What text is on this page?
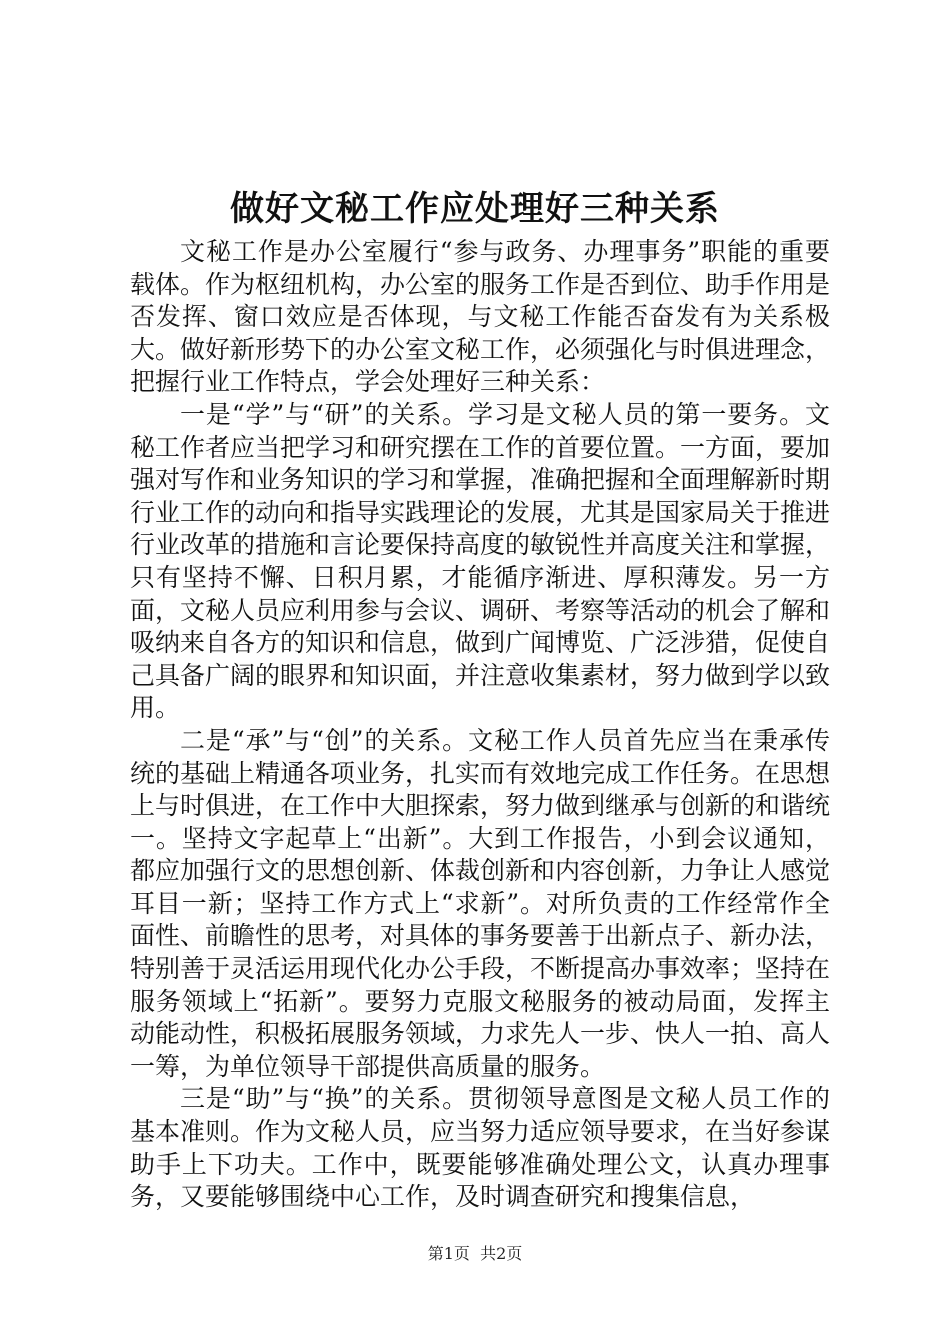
做好文秘工作应处理好三种关系

文秘工作是办公室履行“参与政务、办理事务”职能的重要载体。作为枢纽机构，办公室的服务工作是否到位、助手作用是否发挥、窗口效应是否体现，与文秘工作能否奋发有为关系极大。做好新形势下的办公室文秘工作，必须强化与时俱进理念，把握行业工作特点，学会处理好三种关系：

一是“学”与“研”的关系。学习是文秘人员的第一要务。文秘工作者应当把学习和研究摆在工作的首要位置。一方面，要加强对写作和业务知识的学习和掌握，准确把握和全面理解新时期行业工作的动向和指导实践理论的发展，尤其是国家局关于推进行业改革的措施和言论要保持高度的敏锐性并高度关注和掌握，只有坚持不懈、日积月累，才能循序渐进、厚积薄发。另一方面，文秘人员应利用参与会议、调研、考察等活动的机会了解和吸纳来自各方的知识和信息，做到广闻博览、广泛涉猎，促使自己具备广阔的眼界和知识面，并注意收集素材，努力做到学以致用。

二是“承”与“创”的关系。文秘工作人员首先应当在秉承传统的基础上精通各项业务，扎实而有效地完成工作任务。在思想上与时俱进，在工作中大胆探索，努力做到继承与创新的和谐统一。坚持文字起草上“出新”。大到工作报告，小到会议通知，都应加强行文的思想创新、体裁创新和内容创新，力争让人感觉耳目一新；坚持工作方式上“求新”。对所负责的工作经常作全面性、前瞻性的思考，对具体的事务要善于出新点子、新办法，特别善于灵活运用现代化办公手段，不断提高办事效率；坚持在服务领域上“拓新”。要努力克服文秘服务的被动局面，发挥主动能动性，积极拓展服务领域，力求先人一步、快人一拍、高人一筹，为单位领导干部提供高质量的服务。

三是“助”与“换”的关系。贯彻领导意图是文秘人员工作的基本准则。作为文秘人员，应当努力适应领导要求，在当好参谋助手上下功夫。工作中，既要能够准确处理公文，认真办理事务，又要能够围绕中心工作，及时调查研究和搜集信息，

第1页  共2页
